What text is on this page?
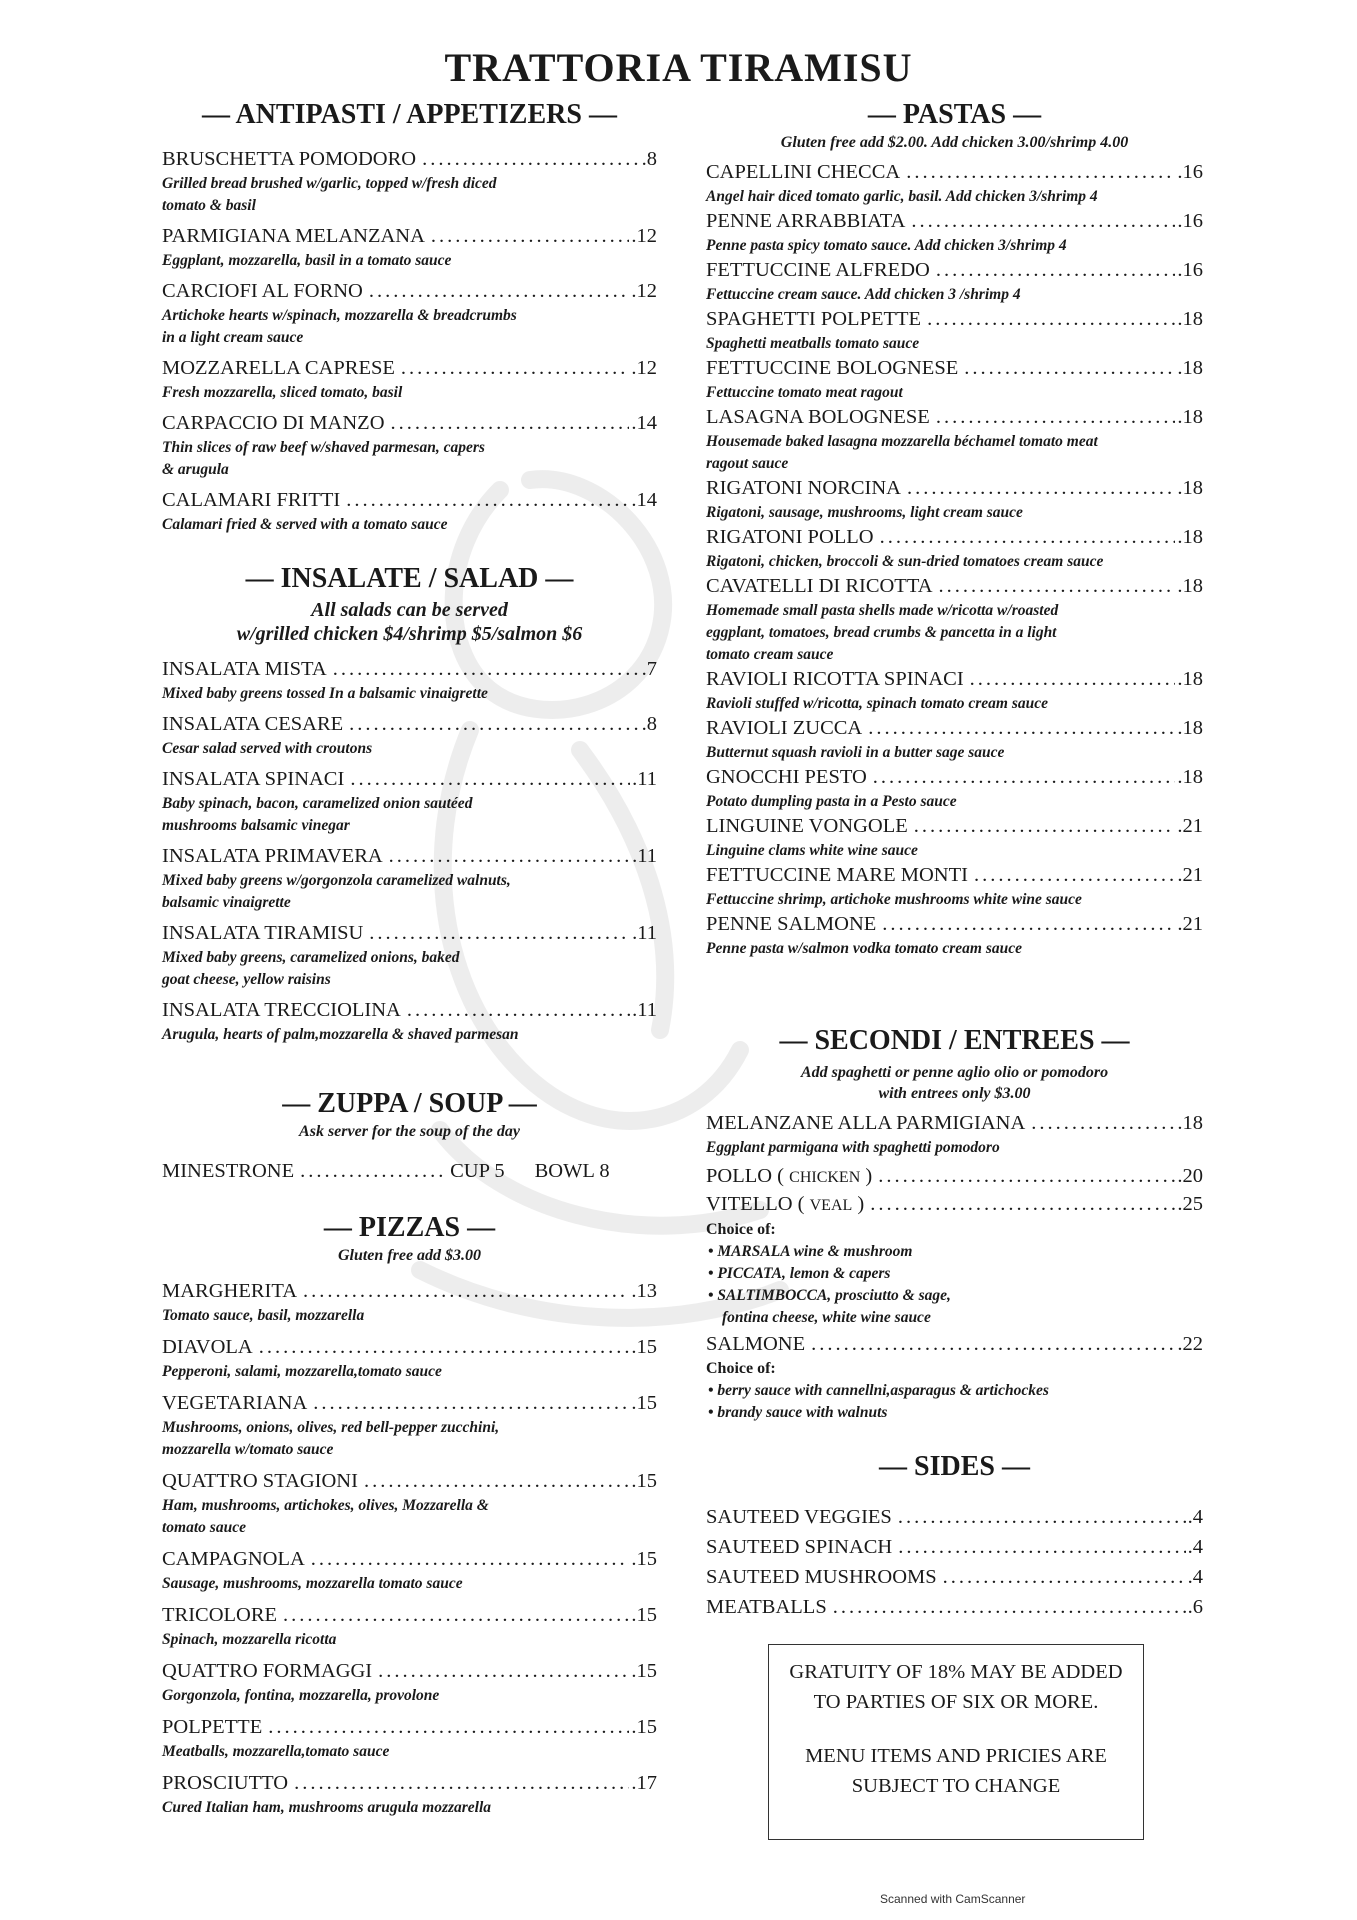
TRATTORIA TIRAMISU
— ANTIPASTI / APPETIZERS —
BRUSCHETTA POMODORO .....	.8
Grilled bread brushed w/garlic, topped w/fresh diced
tomato & basil
PARMIGIANA MELANZANA .....	.12
Eggplant, mozzarella, basil in a tomato sauce
CARCIOFI AL FORNO .....	.12
Artichoke hearts w/spinach, mozzarella & breadcrumbs
in a light cream sauce
MOZZARELLA CAPRESE .....	.12
Fresh mozzarella, sliced tomato, basil
CARPACCIO DI MANZO .....	.14
Thin slices of raw beef w/shaved parmesan, capers
& arugula
CALAMARI FRITTI .....	.14
Calamari fried & served with a tomato sauce
— INSALATE / SALAD —
All salads can be served
w/grilled chicken $4/shrimp $5/salmon $6
INSALATA MISTA .....	.7
Mixed baby greens tossed In a balsamic vinaigrette
INSALATA CESARE .....	.8
Cesar salad served with croutons
INSALATA SPINACI .....	.11
Baby spinach, bacon, caramelized onion sautéed
mushrooms balsamic vinegar
INSALATA PRIMAVERA .....	.11
Mixed baby greens w/gorgonzola caramelized walnuts,
balsamic vinaigrette
INSALATA TIRAMISU .....	.11
Mixed baby greens, caramelized onions, baked
goat cheese, yellow raisins
INSALATA TRECCIOLINA .....	.11
Arugula, hearts of palm,mozzarella & shaved parmesan
— ZUPPA / SOUP —
Ask server for the soup of the day
MINESTRONE .....	CUP 5 BOWL 8
— PIZZAS —
Gluten free add $3.00
MARGHERITA .....	.13
Tomato sauce, basil, mozzarella
DIAVOLA .....	.15
Pepperoni, salami, mozzarella,tomato sauce
VEGETARIANA .....	.15
Mushrooms, onions, olives, red bell-pepper zucchini,
mozzarella w/tomato sauce
QUATTRO STAGIONI .....	.15
Ham, mushrooms, artichokes, olives, Mozzarella &
tomato sauce
CAMPAGNOLA .....	.15
Sausage, mushrooms, mozzarella tomato sauce
TRICOLORE .....	.15
Spinach, mozzarella ricotta
QUATTRO FORMAGGI .....	.15
Gorgonzola, fontina, mozzarella, provolone
POLPETTE .....	.15
Meatballs, mozzarella,tomato sauce
PROSCIUTTO .....	.17
Cured Italian ham, mushrooms arugula mozzarella
— PASTAS —
Gluten free add $2.00. Add chicken 3.00/shrimp 4.00
CAPELLINI CHECCA .....	.16
Angel hair diced tomato garlic, basil. Add chicken 3/shrimp 4
PENNE ARRABBIATA .....	.16
Penne pasta spicy tomato sauce. Add chicken 3/shrimp 4
FETTUCCINE ALFREDO .....	.16
Fettuccine cream sauce. Add chicken 3 /shrimp 4
SPAGHETTI POLPETTE .....	.18
Spaghetti meatballs tomato sauce
FETTUCCINE BOLOGNESE .....	.18
Fettuccine tomato meat ragout
LASAGNA BOLOGNESE .....	.18
Housemade baked lasagna mozzarella béchamel tomato meat
ragout sauce
RIGATONI NORCINA .....	.18
Rigatoni, sausage, mushrooms, light cream sauce
RIGATONI POLLO .....	.18
Rigatoni, chicken, broccoli & sun-dried tomatoes cream sauce
CAVATELLI DI RICOTTA .....	.18
Homemade small pasta shells made w/ricotta w/roasted
eggplant, tomatoes, bread crumbs & pancetta in a light
tomato cream sauce
RAVIOLI RICOTTA SPINACI .....	.18
Ravioli stuffed w/ricotta, spinach tomato cream sauce
RAVIOLI ZUCCA .....	.18
Butternut squash ravioli in a butter sage sauce
GNOCCHI PESTO .....	.18
Potato dumpling pasta in a Pesto sauce
LINGUINE VONGOLE .....	.21
Linguine clams white wine sauce
FETTUCCINE MARE MONTI .....	.21
Fettuccine shrimp, artichoke mushrooms white wine sauce
PENNE SALMONE .....	.21
Penne pasta w/salmon vodka tomato cream sauce
— SECONDI / ENTREES —
Add spaghetti or penne aglio olio or pomodoro
with entrees only $3.00
MELANZANE ALLA PARMIGIANA .....	.18
Eggplant parmigana with spaghetti pomodoro
POLLO ( CHICKEN ) .....	.20
VITELLO ( VEAL ) .....	.25
Choice of:
• MARSALA wine & mushroom
• PICCATA, lemon & capers
• SALTIMBOCCA, prosciutto & sage,
fontina cheese, white wine sauce
SALMONE .....	.22
Choice of:
• berry sauce with cannellni,asparagus & artichockes
• brandy sauce with walnuts
— SIDES —
SAUTEED VEGGIES .....	.4
SAUTEED SPINACH .....	.4
SAUTEED MUSHROOMS .....	.4
MEATBALLS .....	.6

GRATUITY OF 18% MAY BE ADDED

TO PARTIES OF SIX OR MORE.

MENU ITEMS AND PRICIES ARE

SUBJECT TO CHANGE

Scanned with CamScanner
